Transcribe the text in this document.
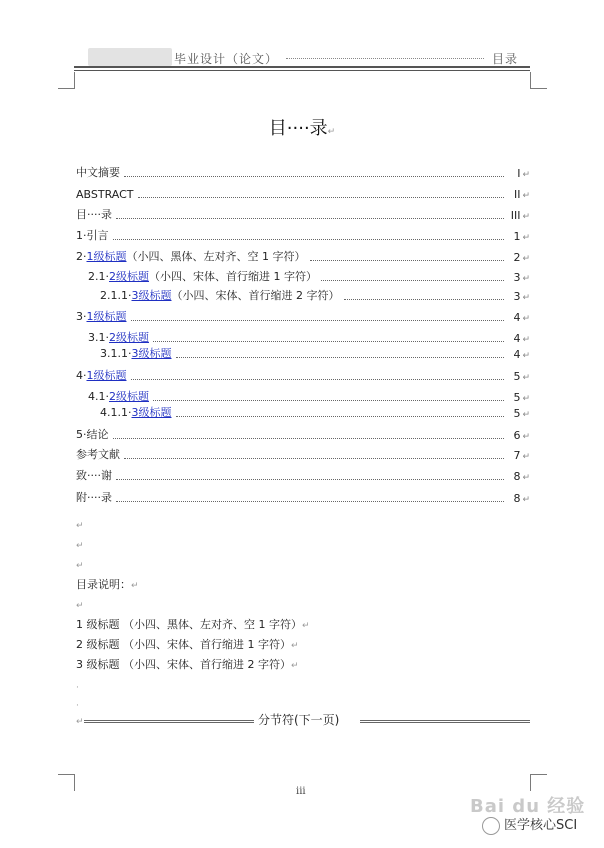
毕业设计（论文）	目录
目····录↵
中文摘要	I ↵
ABSTRACT	II ↵
目····录	III ↵
1·引言	1 ↵
2·1级标题（小四、黑体、左对齐、空 1 字符）	2 ↵
2.1·2级标题（小四、宋体、首行缩进 1 字符）	3 ↵
2.1.1·3级标题（小四、宋体、首行缩进 2 字符）	3 ↵
3·1级标题	4 ↵
3.1·2级标题	4 ↵
3.1.1·3级标题	4 ↵
4·1级标题	5 ↵
4.1·2级标题	5 ↵
4.1.1·3级标题	5 ↵
5·结论	6 ↵
参考文献	7 ↵
致····谢	8 ↵
附····录	8 ↵
↵
↵
↵
目录说明：↵
↵
1 级标题 （小四、黑体、左对齐、空 1 字符）↵
2 级标题 （小四、宋体、首行缩进 1 字符）↵
3 级标题 （小四、宋体、首行缩进 2 字符）↵
·
·
↵	分节符(下一页)
iii
Bai du 经验
医学核心SCI
